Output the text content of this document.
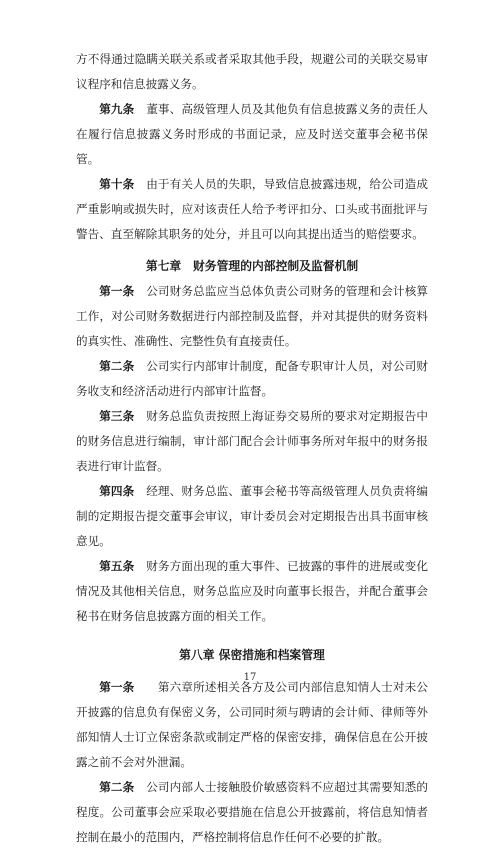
方不得通过隐瞒关联关系或者采取其他手段，规避公司的关联交易审议程序和信息披露义务。

第九条　 董事、高级管理人员及其他负有信息披露义务的责任人在履行信息披露义务时形成的书面记录，应及时送交董事会秘书保管。

第十条　 由于有关人员的失职，导致信息披露违规，给公司造成严重影响或损失时，应对该责任人给予考评扣分、口头或书面批评与警告、直至解除其职务的处分，并且可以向其提出适当的赔偿要求。

第七章　财务管理的内部控制及监督机制

第一条　 公司财务总监应当总体负责公司财务的管理和会计核算工作，对公司财务数据进行内部控制及监督，并对其提供的财务资料的真实性、准确性、完整性负有直接责任。

第二条　 公司实行内部审计制度，配备专职审计人员，对公司财务收支和经济活动进行内部审计监督。

第三条　 财务总监负责按照上海证券交易所的要求对定期报告中的财务信息进行编制，审计部门配合会计师事务所对年报中的财务报表进行审计监督。

第四条　 经理、财务总监、董事会秘书等高级管理人员负责将编制的定期报告提交董事会审议，审计委员会对定期报告出具书面审核意见。

第五条　 财务方面出现的重大事件、已披露的事件的进展或变化情况及其他相关信息，财务总监应及时向董事长报告，并配合董事会秘书在财务信息披露方面的相关工作。

第八章 保密措施和档案管理

第一条　　第六章所述相关各方及公司内部信息知情人士对未公开披露的信息负有保密义务，公司同时须与聘请的会计师、律师等外部知情人士订立保密条款或制定严格的保密安排，确保信息在公开披露之前不会对外泄漏。

第二条　 公司内部人士接触股价敏感资料不应超过其需要知悉的程度。公司董事会应采取必要措施在信息公开披露前，将信息知情者控制在最小的范围内，严格控制将信息作任何不必要的扩散。

17
